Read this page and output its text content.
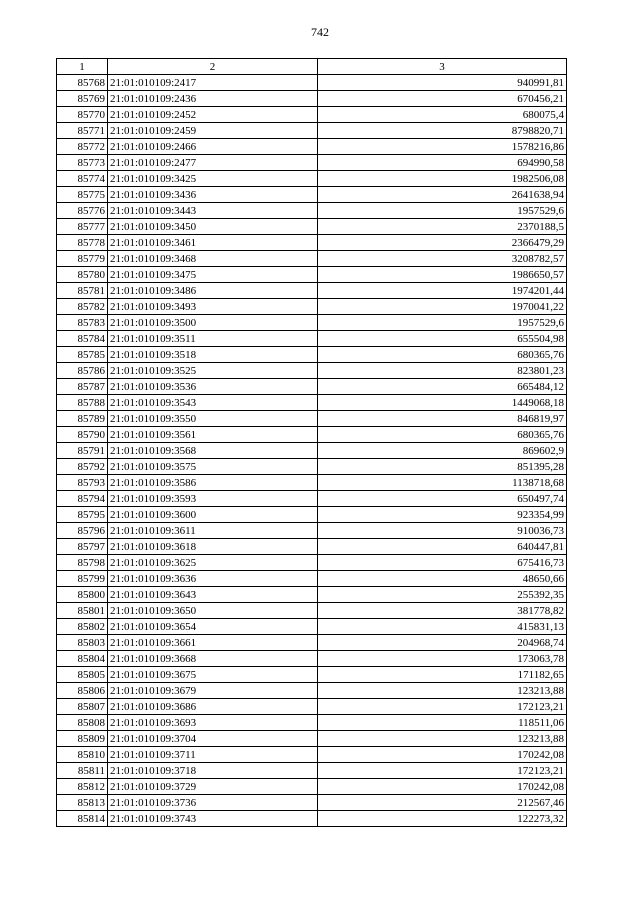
742
1	2	3
85768	21:01:010109:2417	940991,81
85769	21:01:010109:2436	670456,21
85770	21:01:010109:2452	680075,4
85771	21:01:010109:2459	8798820,71
85772	21:01:010109:2466	1578216,86
85773	21:01:010109:2477	694990,58
85774	21:01:010109:3425	1982506,08
85775	21:01:010109:3436	2641638,94
85776	21:01:010109:3443	1957529,6
85777	21:01:010109:3450	2370188,5
85778	21:01:010109:3461	2366479,29
85779	21:01:010109:3468	3208782,57
85780	21:01:010109:3475	1986650,57
85781	21:01:010109:3486	1974201,44
85782	21:01:010109:3493	1970041,22
85783	21:01:010109:3500	1957529,6
85784	21:01:010109:3511	655504,98
85785	21:01:010109:3518	680365,76
85786	21:01:010109:3525	823801,23
85787	21:01:010109:3536	665484,12
85788	21:01:010109:3543	1449068,18
85789	21:01:010109:3550	846819,97
85790	21:01:010109:3561	680365,76
85791	21:01:010109:3568	869602,9
85792	21:01:010109:3575	851395,28
85793	21:01:010109:3586	1138718,68
85794	21:01:010109:3593	650497,74
85795	21:01:010109:3600	923354,99
85796	21:01:010109:3611	910036,73
85797	21:01:010109:3618	640447,81
85798	21:01:010109:3625	675416,73
85799	21:01:010109:3636	48650,66
85800	21:01:010109:3643	255392,35
85801	21:01:010109:3650	381778,82
85802	21:01:010109:3654	415831,13
85803	21:01:010109:3661	204968,74
85804	21:01:010109:3668	173063,78
85805	21:01:010109:3675	171182,65
85806	21:01:010109:3679	123213,88
85807	21:01:010109:3686	172123,21
85808	21:01:010109:3693	118511,06
85809	21:01:010109:3704	123213,88
85810	21:01:010109:3711	170242,08
85811	21:01:010109:3718	172123,21
85812	21:01:010109:3729	170242,08
85813	21:01:010109:3736	212567,46
85814	21:01:010109:3743	122273,32
